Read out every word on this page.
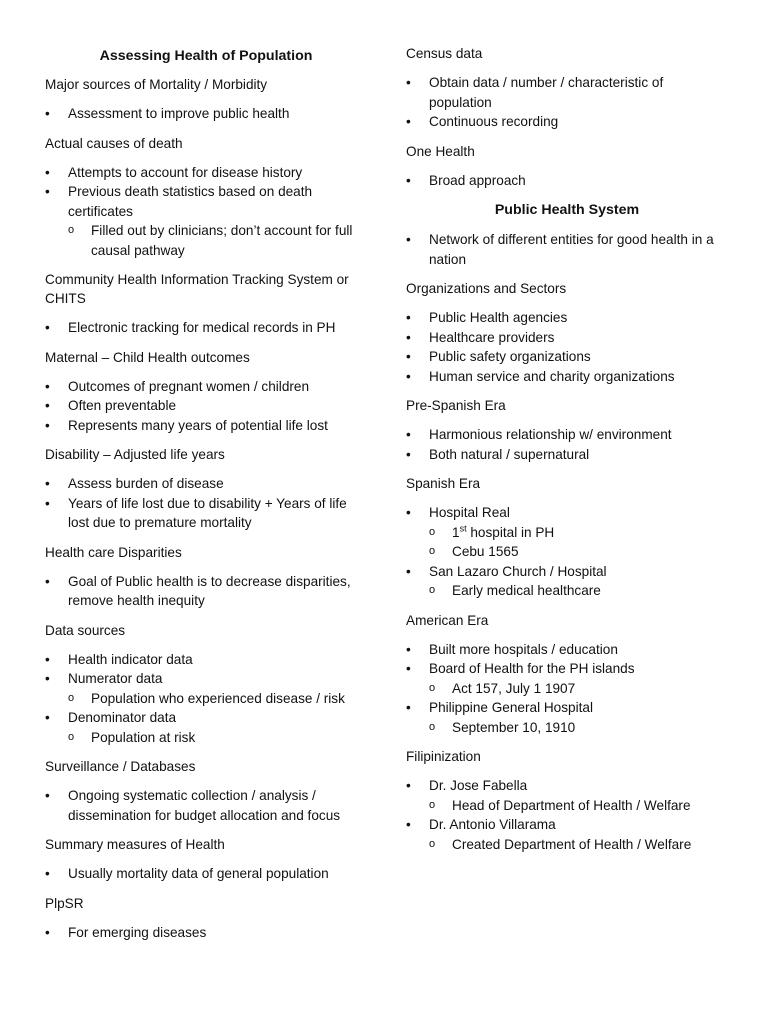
Assessing Health of Population
Major sources of Mortality / Morbidity
• Assessment to improve public health
Actual causes of death
• Attempts to account for disease history
• Previous death statistics based on death certificates
o Filled out by clinicians; don’t account for full causal pathway
Community Health Information Tracking System or CHITS
• Electronic tracking for medical records in PH
Maternal – Child Health outcomes
• Outcomes of pregnant women / children
• Often preventable
• Represents many years of potential life lost
Disability – Adjusted life years
• Assess burden of disease
• Years of life lost due to disability + Years of life lost due to premature mortality
Health care Disparities
• Goal of Public health is to decrease disparities, remove health inequity
Data sources
• Health indicator data
• Numerator data
o Population who experienced disease / risk
• Denominator data
o Population at risk
Surveillance / Databases
• Ongoing systematic collection / analysis / dissemination for budget allocation and focus
Summary measures of Health
• Usually mortality data of general population
PlpSR
• For emerging diseases
Census data
• Obtain data / number / characteristic of population
• Continuous recording
One Health
• Broad approach
Public Health System
• Network of different entities for good health in a nation
Organizations and Sectors
• Public Health agencies
• Healthcare providers
• Public safety organizations
• Human service and charity organizations
Pre-Spanish Era
• Harmonious relationship w/ environment
• Both natural / supernatural
Spanish Era
• Hospital Real
o 1st hospital in PH
o Cebu 1565
• San Lazaro Church / Hospital
o Early medical healthcare
American Era
• Built more hospitals / education
• Board of Health for the PH islands
o Act 157, July 1 1907
• Philippine General Hospital
o September 10, 1910
Filipinization
• Dr. Jose Fabella
o Head of Department of Health / Welfare
• Dr. Antonio Villarama
o Created Department of Health / Welfare
